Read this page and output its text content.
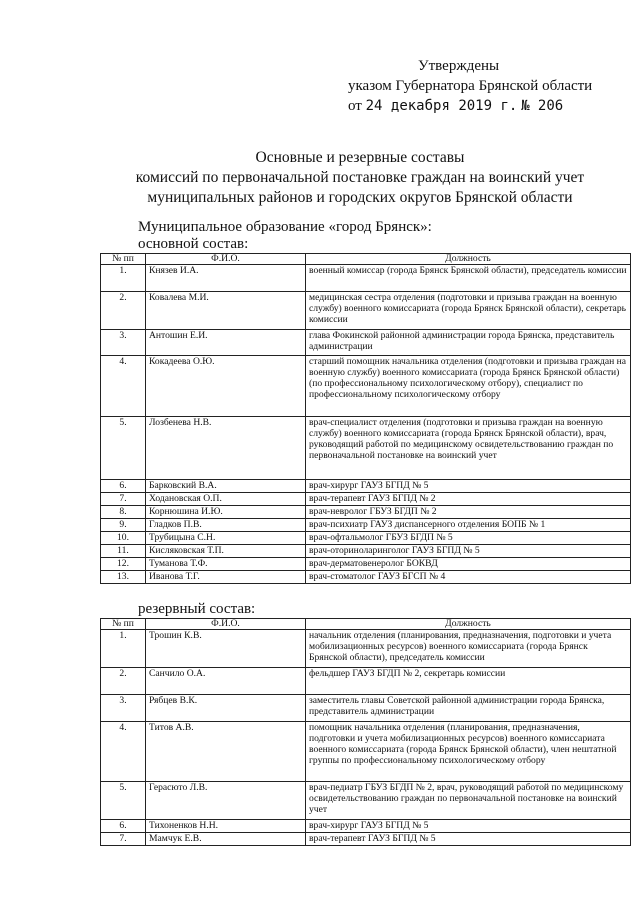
Утверждены
указом Губернатора Брянской области
от 24 декабря 2019 г. № 206
Основные и резервные составы
комиссий по первоначальной постановке граждан на воинский учет
муниципальных районов и городских округов Брянской области
Муниципальное образование «город Брянск»:
основной состав:
№ пп	Ф.И.О.	Должность
1.	Князев И.А.	военный комиссар (города Брянск Брянской области), председатель комиссии
2.	Ковалева М.И.	медицинская сестра отделения (подготовки и призыва граждан на военную службу) военного комиссариата (города Брянск Брянской области), секретарь комиссии
3.	Антошин Е.И.	глава Фокинской районной администрации города Брянска, представитель администрации
4.	Кокадеева О.Ю.	старший помощник начальника отделения (подготовки и призыва граждан на военную службу) военного комиссариата (города Брянск Брянской области) (по профессиональному психологическому отбору), специалист по профессиональному психологическому отбору
5.	Лозбенева Н.В.	врач-специалист отделения (подготовки и призыва граждан на военную службу) военного комиссариата (города Брянск Брянской области), врач, руководящий работой по медицинскому освидетельствованию граждан по первоначальной постановке на воинский учет
6.	Барковский В.А.	врач-хирург ГАУЗ БГПД № 5
7.	Ходановская О.П.	врач-терапевт ГАУЗ БГПД № 2
8.	Корнюшина И.Ю.	врач-невролог ГБУЗ БГДП № 2
9.	Гладков П.В.	врач-психиатр ГАУЗ диспансерного отделения БОПБ № 1
10.	Трубицына С.Н.	врач-офтальмолог ГБУЗ БГДП № 5
11.	Кисляковская Т.П.	врач-оториноларинголог ГАУЗ БГПД № 5
12.	Туманова Т.Ф.	врач-дерматовенеролог БОКВД
13.	Иванова Т.Г.	врач-стоматолог ГАУЗ БГСП № 4
резервный состав:
№ пп	Ф.И.О.	Должность
1.	Трошин К.В.	начальник отделения (планирования, предназначения, подготовки и учета мобилизационных ресурсов) военного комиссариата (города Брянск Брянской области), председатель комиссии
2.	Санчило О.А.	фельдшер ГАУЗ БГДП № 2, секретарь комиссии
3.	Рябцев В.К.	заместитель главы Советской районной администрации города Брянска, представитель администрации
4.	Титов А.В.	помощник начальника отделения (планирования, предназначения, подготовки и учета мобилизационных ресурсов) военного комиссариата военного комиссариата (города Брянск Брянской области), член нештатной группы по профессиональному психологическому отбору
5.	Герасюто Л.В.	врач-педиатр ГБУЗ БГДП № 2, врач, руководящий работой по медицинскому освидетельствованию граждан по первоначальной постановке на воинский учет
6.	Тихоненков Н.Н.	врач-хирург ГАУЗ БГПД № 5
7.	Мамчук Е.В.	врач-терапевт ГАУЗ БГПД № 5
